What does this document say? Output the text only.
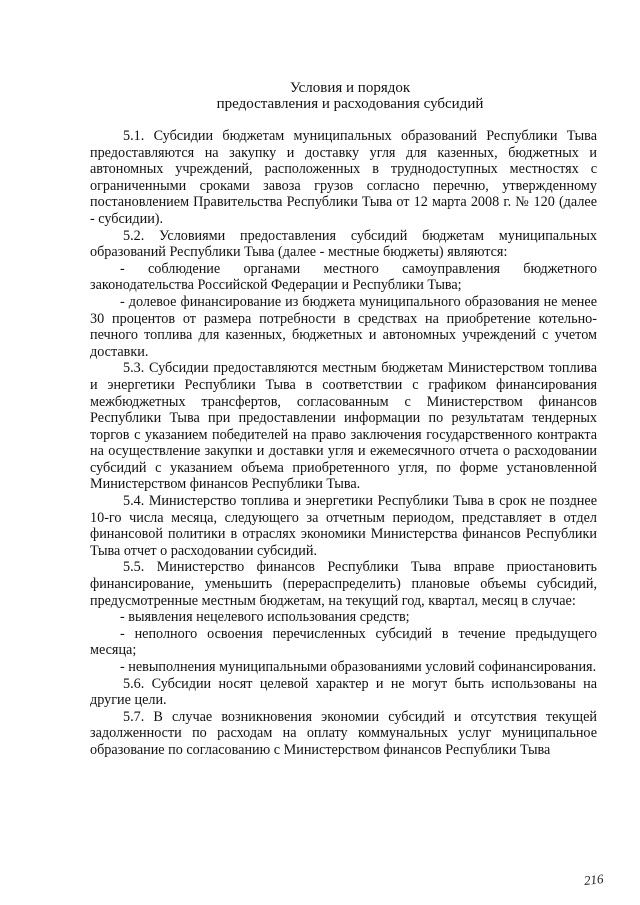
Условия и порядок
предоставления и расходования субсидий

5.1. Субсидии бюджетам муниципальных образований Республики Тыва предоставляются на закупку и доставку угля для казенных, бюджетных и автономных учреждений, расположенных в труднодоступных местностях с ограниченными сроками завоза грузов согласно перечню, утвержденному постановлением Правительства Республики Тыва от 12 марта 2008 г. № 120 (далее - субсидии).

5.2. Условиями предоставления субсидий бюджетам муниципальных образований Республики Тыва (далее - местные бюджеты) являются:

- соблюдение органами местного самоуправления бюджетного законодательства Российской Федерации и Республики Тыва;

- долевое финансирование из бюджета муниципального образования не менее 30 процентов от размера потребности в средствах на приобретение котельно-печного топлива для казенных, бюджетных и автономных учреждений с учетом доставки.

5.3. Субсидии предоставляются местным бюджетам Министерством топлива и энергетики Республики Тыва в соответствии с графиком финансирования межбюджетных трансфертов, согласованным с Министерством финансов Республики Тыва при предоставлении информации по результатам тендерных торгов с указанием победителей на право заключения государственного контракта на осуществление закупки и доставки угля и ежемесячного отчета о расходовании субсидий с указанием объема приобретенного угля, по форме установленной Министерством финансов Республики Тыва.

5.4. Министерство топлива и энергетики Республики Тыва в срок не позднее 10-го числа месяца, следующего за отчетным периодом, представляет в отдел финансовой политики в отраслях экономики Министерства финансов Республики Тыва отчет о расходовании субсидий.

5.5. Министерство финансов Республики Тыва вправе приостановить финансирование, уменьшить (перераспределить) плановые объемы субсидий, предусмотренные местным бюджетам, на текущий год, квартал, месяц в случае:

- выявления нецелевого использования средств;

- неполного освоения перечисленных субсидий в течение предыдущего месяца;

- невыполнения муниципальными образованиями условий софинансирования.

5.6. Субсидии носят целевой характер и не могут быть использованы на другие цели.

5.7. В случае возникновения экономии субсидий и отсутствия текущей задолженности по расходам на оплату коммунальных услуг муниципальное образование по согласованию с Министерством финансов Республики Тыва

216
